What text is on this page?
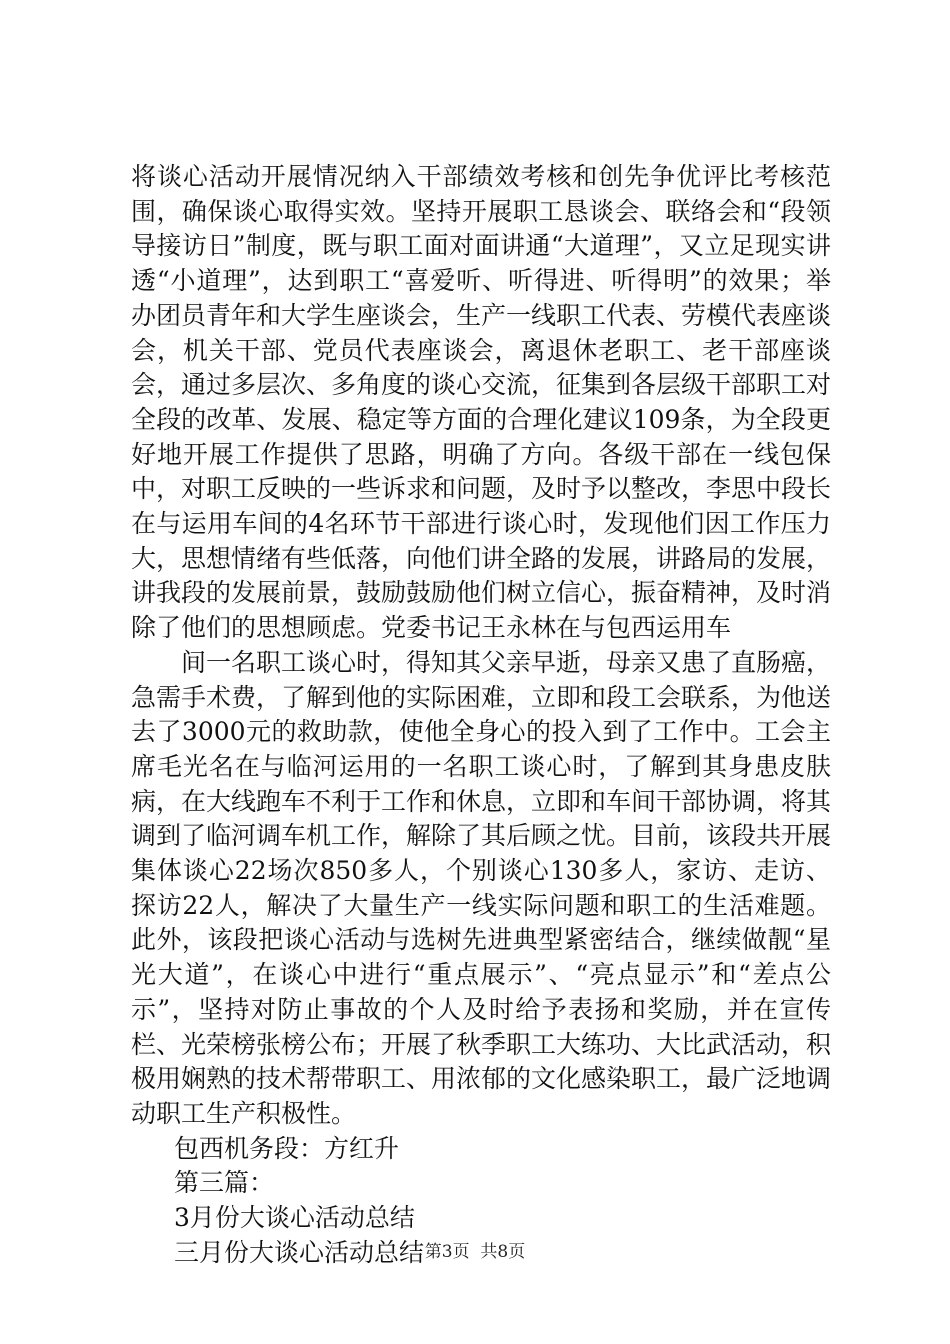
将谈心活动开展情况纳入干部绩效考核和创先争优评比考核范围，确保谈心取得实效。坚持开展职工恳谈会、联络会和“段领导接访日”制度，既与职工面对面讲通“大道理”，又立足现实讲透“小道理”，达到职工“喜爱听、听得进、听得明”的效果；举办团员青年和大学生座谈会，生产一线职工代表、劳模代表座谈会，机关干部、党员代表座谈会，离退休老职工、老干部座谈会，通过多层次、多角度的谈心交流，征集到各层级干部职工对全段的改革、发展、稳定等方面的合理化建议109条，为全段更好地开展工作提供了思路，明确了方向。各级干部在一线包保中，对职工反映的一些诉求和问题，及时予以整改，李思中段长在与运用车间的4名环节干部进行谈心时，发现他们因工作压力大，思想情绪有些低落，向他们讲全路的发展，讲路局的发展，讲我段的发展前景，鼓励鼓励他们树立信心，振奋精神，及时消除了他们的思想顾虑。党委书记王永林在与包西运用车

间一名职工谈心时，得知其父亲早逝，母亲又患了直肠癌，急需手术费，了解到他的实际困难，立即和段工会联系，为他送去了3000元的救助款，使他全身心的投入到了工作中。工会主席毛光名在与临河运用的一名职工谈心时，了解到其身患皮肤病，在大线跑车不利于工作和休息，立即和车间干部协调，将其调到了临河调车机工作，解除了其后顾之忧。目前，该段共开展集体谈心22场次850多人，个别谈心130多人，家访、走访、探访22人，解决了大量生产一线实际问题和职工的生活难题。此外，该段把谈心活动与选树先进典型紧密结合，继续做靓“星光大道”，在谈心中进行“重点展示”、“亮点显示”和“差点公示”，坚持对防止事故的个人及时给予表扬和奖励，并在宣传栏、光荣榜张榜公布；开展了秋季职工大练功、大比武活动，积极用娴熟的技术帮带职工、用浓郁的文化感染职工，最广泛地调动职工生产积极性。

包西机务段：方红升

第三篇：

3月份大谈心活动总结

三月份大谈心活动总结 第3页 共8页
